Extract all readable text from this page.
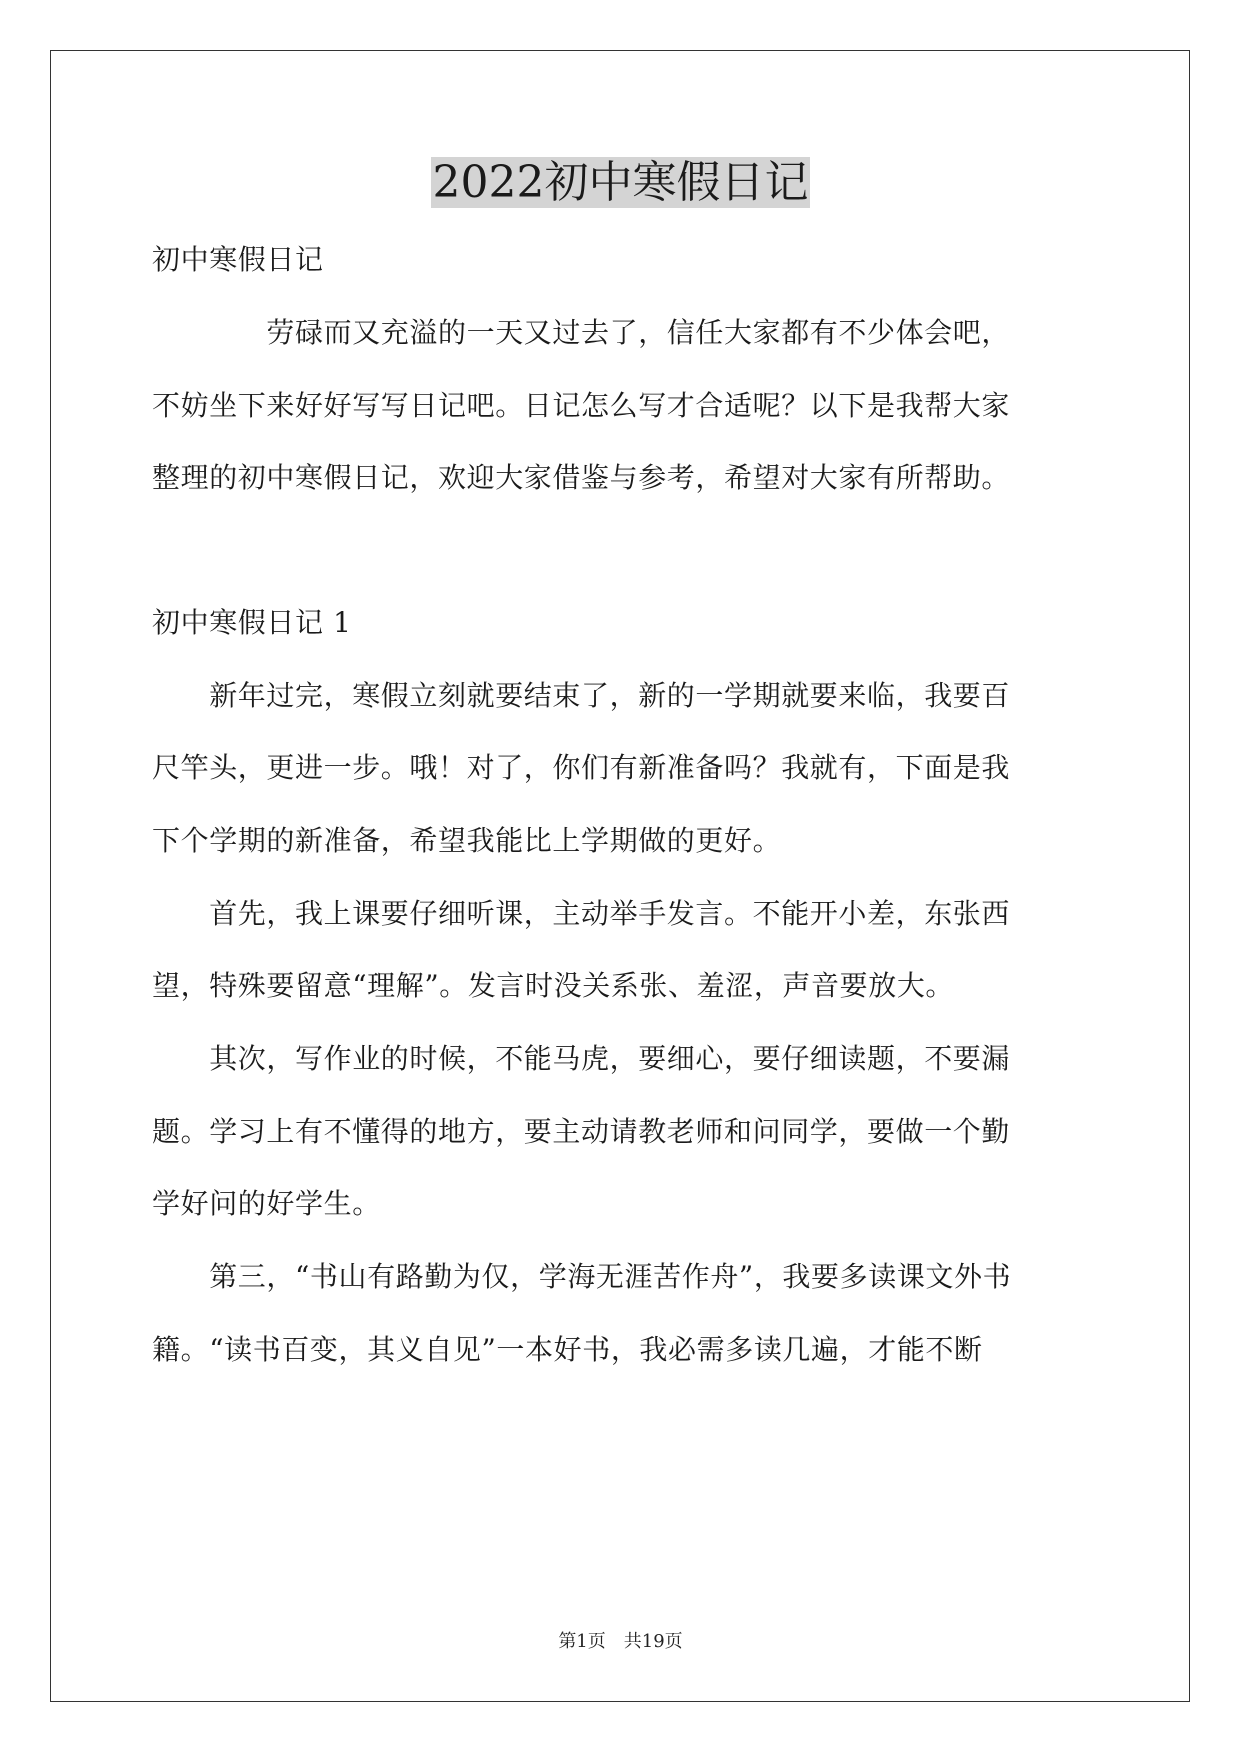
2022初中寒假日记

初中寒假日记

　　　　劳碌而又充溢的一天又过去了，信任大家都有不少体会吧，

不妨坐下来好好写写日记吧。日记怎么写才合适呢？以下是我帮大家

整理的初中寒假日记，欢迎大家借鉴与参考，希望对大家有所帮助。

初中寒假日记 1

　　新年过完，寒假立刻就要结束了，新的一学期就要来临，我要百

尺竿头，更进一步。哦！对了，你们有新准备吗？我就有，下面是我

下个学期的新准备，希望我能比上学期做的更好。

　　首先，我上课要仔细听课，主动举手发言。不能开小差，东张西

望，特殊要留意“理解”。发言时没关系张、羞涩，声音要放大。

　　其次，写作业的时候，不能马虎，要细心，要仔细读题，不要漏

题。学习上有不懂得的地方，要主动请教老师和问同学，要做一个勤

学好问的好学生。

　　第三，“书山有路勤为仅，学海无涯苦作舟”，我要多读课文外书

籍。“读书百变，其义自见”一本好书，我必需多读几遍，才能不断

第1页 共19页
